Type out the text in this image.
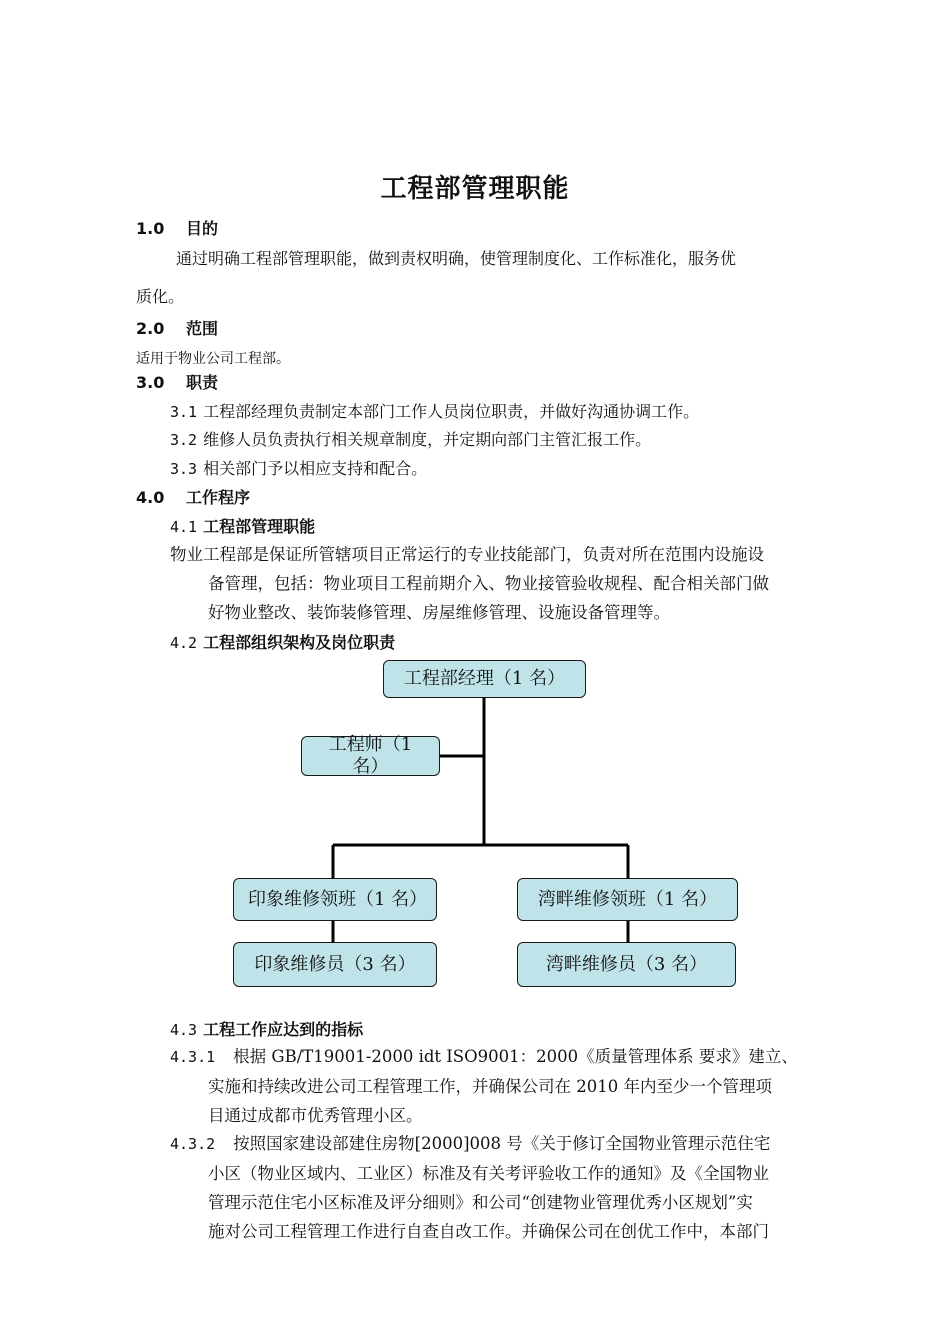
工程部管理职能
1.0 目的
通过明确工程部管理职能，做到责权明确，使管理制度化、工作标准化，服务优
质化。
2.0 范围
适用于物业公司工程部。
3.0 职责
3.1 工程部经理负责制定本部门工作人员岗位职责，并做好沟通协调工作。
3.2 维修人员负责执行相关规章制度，并定期向部门主管汇报工作。
3.3 相关部门予以相应支持和配合。
4.0 工作程序
4.1 工程部管理职能
物业工程部是保证所管辖项目正常运行的专业技能部门，负责对所在范围内设施设
备管理，包括：物业项目工程前期介入、物业接管验收规程、配合相关部门做
好物业整改、装饰装修管理、房屋维修管理、设施设备管理等。
4.2 工程部组织架构及岗位职责
工程部经理（1 名）
工程师（1 名）
印象维修领班（1 名）	湾畔维修领班（1 名）
印象维修员（3 名）	湾畔维修员（3 名）
4.3 工程工作应达到的指标
4.3.1 根据 GB/T19001-2000 idt ISO9001：2000《质量管理体系 要求》建立、
实施和持续改进公司工程管理工作，并确保公司在 2010 年内至少一个管理项
目通过成都市优秀管理小区。
4.3.2 按照国家建设部建住房物[2000]008 号《关于修订全国物业管理示范住宅
小区（物业区域内、工业区）标准及有关考评验收工作的通知》及《全国物业
管理示范住宅小区标准及评分细则》和公司“创建物业管理优秀小区规划”实
施对公司工程管理工作进行自查自改工作。并确保公司在创优工作中，本部门
